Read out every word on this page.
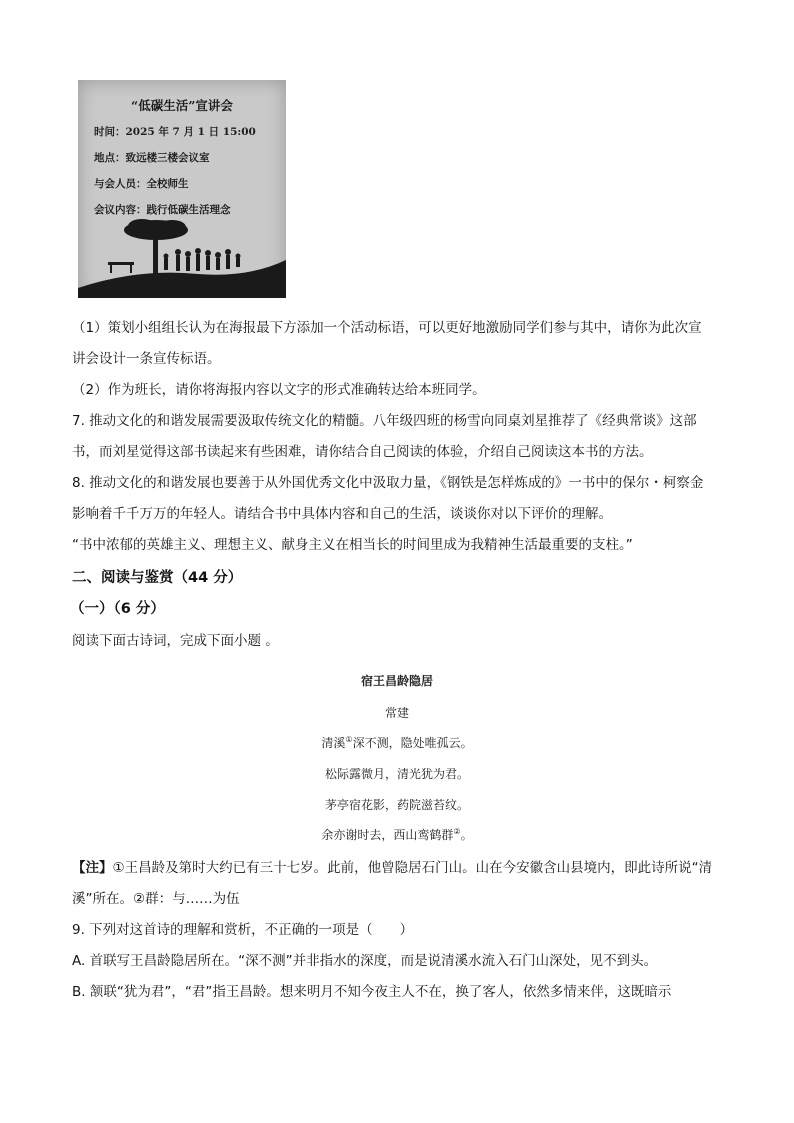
“低碳生活”宣讲会
时间：2025 年 7 月 1 日 15:00
地点：致远楼三楼会议室
与会人员：全校师生
会议内容：践行低碳生活理念
（1）策划小组组长认为在海报最下方添加一个活动标语，可以更好地激励同学们参与其中，请你为此次宣
讲会设计一条宣传标语。
（2）作为班长，请你将海报内容以文字的形式准确转达给本班同学。
7. 推动文化的和谐发展需要汲取传统文化的精髓。八年级四班的杨雪向同桌刘星推荐了《经典常谈》这部
书，而刘星觉得这部书读起来有些困难，请你结合自己阅读的体验，介绍自己阅读这本书的方法。
8. 推动文化的和谐发展也要善于从外国优秀文化中汲取力量，《钢铁是怎样炼成的》一书中的保尔・柯察金
影响着千千万万的年轻人。请结合书中具体内容和自己的生活，谈谈你对以下评价的理解。
“书中浓郁的英雄主义、理想主义、献身主义在相当长的时间里成为我精神生活最重要的支柱。”
二、阅读与鉴赏（44 分）
（一）（6 分）
阅读下面古诗词，完成下面小题 。
宿王昌龄隐居
常建
清溪①深不测，隐处唯孤云。
松际露微月，清光犹为君。
茅亭宿花影，药院滋苔纹。
余亦谢时去，西山鸾鹤群②。
【注】①王昌龄及第时大约已有三十七岁。此前，他曾隐居石门山。山在今安徽含山县境内，即此诗所说“清
溪”所在。②群：与……为伍
9. 下列对这首诗的理解和赏析，不正确的一项是（　　）
A. 首联写王昌龄隐居所在。“深不测”并非指水的深度，而是说清溪水流入石门山深处，见不到头。
B. 颔联“犹为君”，“君”指王昌龄。想来明月不知今夜主人不在，换了客人，依然多情来伴，这既暗示
